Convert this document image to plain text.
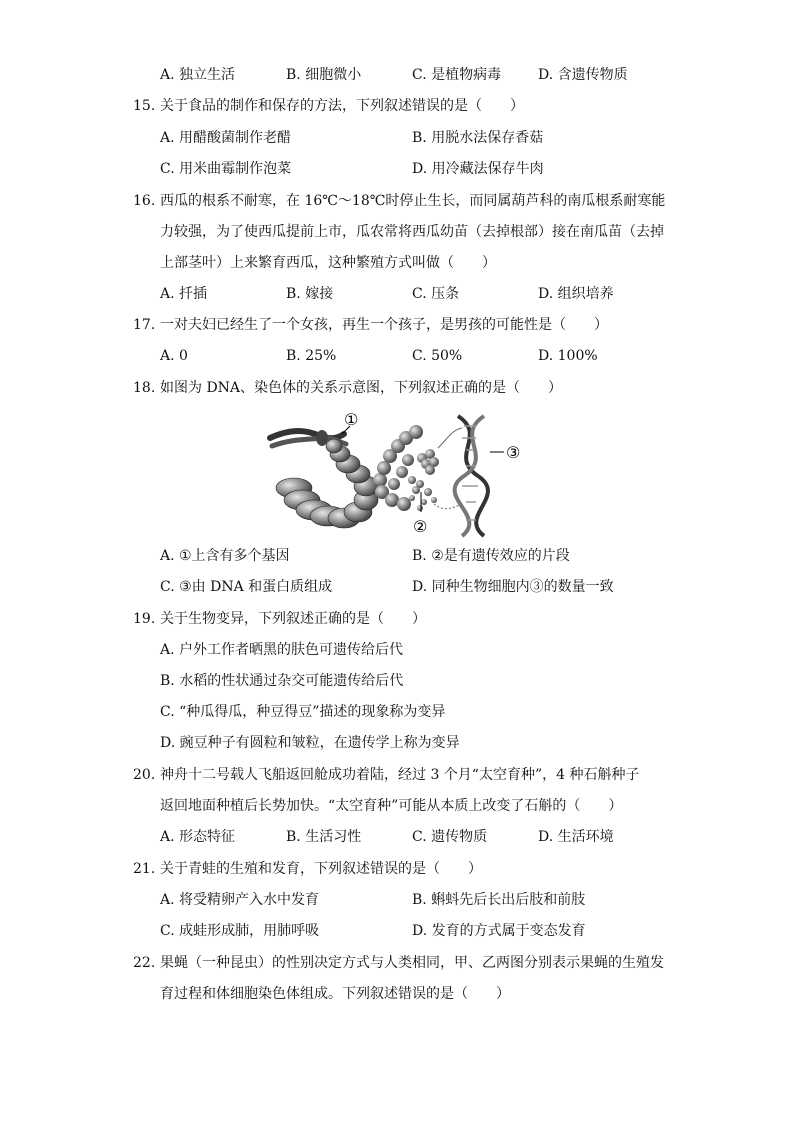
A. 独立生活	B. 细胞微小	C. 是植物病毒	D. 含遗传物质
15. 关于食品的制作和保存的方法，下列叙述错误的是（　　）
A. 用醋酸菌制作老醋	B. 用脱水法保存香菇
C. 用米曲霉制作泡菜	D. 用冷藏法保存牛肉
16. 西瓜的根系不耐寒，在 16℃～18℃时停止生长，而同属葫芦科的南瓜根系耐寒能
力较强，为了使西瓜提前上市，瓜农常将西瓜幼苗（去掉根部）接在南瓜苗（去掉
上部茎叶）上来繁育西瓜，这种繁殖方式叫做（　　）
A. 扦插	B. 嫁接	C. 压条	D. 组织培养
17. 一对夫妇已经生了一个女孩，再生一个孩子，是男孩的可能性是（　　）
A. 0	B. 25%	C. 50%	D. 100%
18. 如图为 DNA、染色体的关系示意图，下列叙述正确的是（　　）
①
③
②
A. ①上含有多个基因	B. ②是有遗传效应的片段
C. ③由 DNA 和蛋白质组成	D. 同种生物细胞内③的数量一致
19. 关于生物变异，下列叙述正确的是（　　）
A. 户外工作者晒黑的肤色可遗传给后代
B. 水稻的性状通过杂交可能遗传给后代
C. “种瓜得瓜，种豆得豆”描述的现象称为变异
D. 豌豆种子有圆粒和皱粒，在遗传学上称为变异
20. 神舟十二号载人飞船返回舱成功着陆，经过 3 个月“太空育种”，4 种石斛种子
返回地面种植后长势加快。“太空育种”可能从本质上改变了石斛的（　　）
A. 形态特征	B. 生活习性	C. 遗传物质	D. 生活环境
21. 关于青蛙的生殖和发育，下列叙述错误的是（　　）
A. 将受精卵产入水中发育	B. 蝌蚪先后长出后肢和前肢
C. 成蛙形成肺，用肺呼吸	D. 发育的方式属于变态发育
22. 果蝇（一种昆虫）的性别决定方式与人类相同，甲、乙两图分别表示果蝇的生殖发
育过程和体细胞染色体组成。下列叙述错误的是（　　）
